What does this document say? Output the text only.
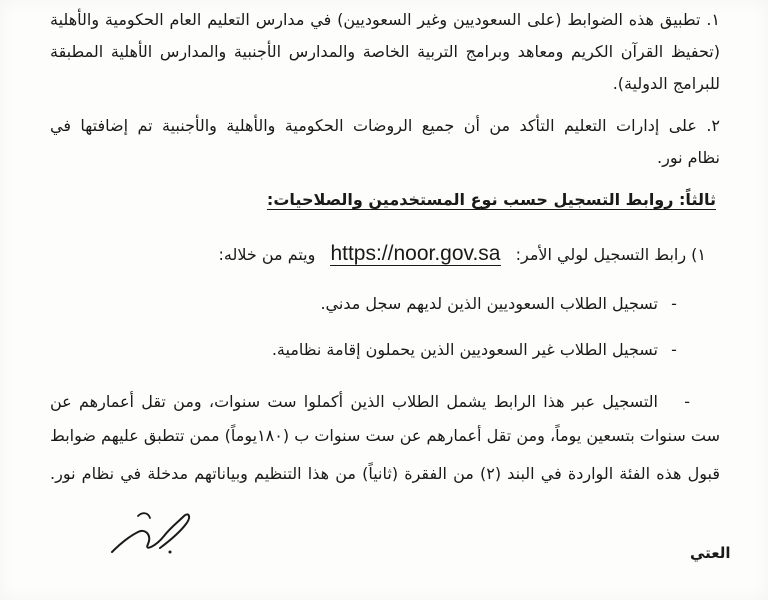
١. تطبيق هذه الضوابط (على السعوديين وغير السعوديين) في مدارس التعليم العام الحكومية والأهلية
(تحفيظ القرآن الكريم ومعاهد وبرامج التربية الخاصة والمدارس الأجنبية والمدارس الأهلية المطبقة
للبرامج الدولية).
٢. على إدارات التعليم التأكد من أن جميع الروضات الحكومية والأهلية والأجنبية تم إضافتها في
نظام نور.
ثالثاً: روابط التسجيل حسب نوع المستخدمين والصلاحيات:
١) رابط التسجيل لولي الأمر: https://noor.gov.sa ويتم من خلاله:
-تسجيل الطلاب السعوديين الذين لديهم سجل مدني.
-تسجيل الطلاب غير السعوديين الذين يحملون إقامة نظامية.
-التسجيل عبر هذا الرابط يشمل الطلاب الذين أكملوا ست سنوات، ومن تقل أعمارهم عن
ست سنوات بتسعين يوماً، ومن تقل أعمارهم عن ست سنوات ب (١٨٠يوماً) ممن تتطبق عليهم ضوابط
قبول هذه الفئة الواردة في البند (٢) من الفقرة (ثانياً) من هذا التنظيم وبياناتهم مدخلة في نظام نور.
العتي
